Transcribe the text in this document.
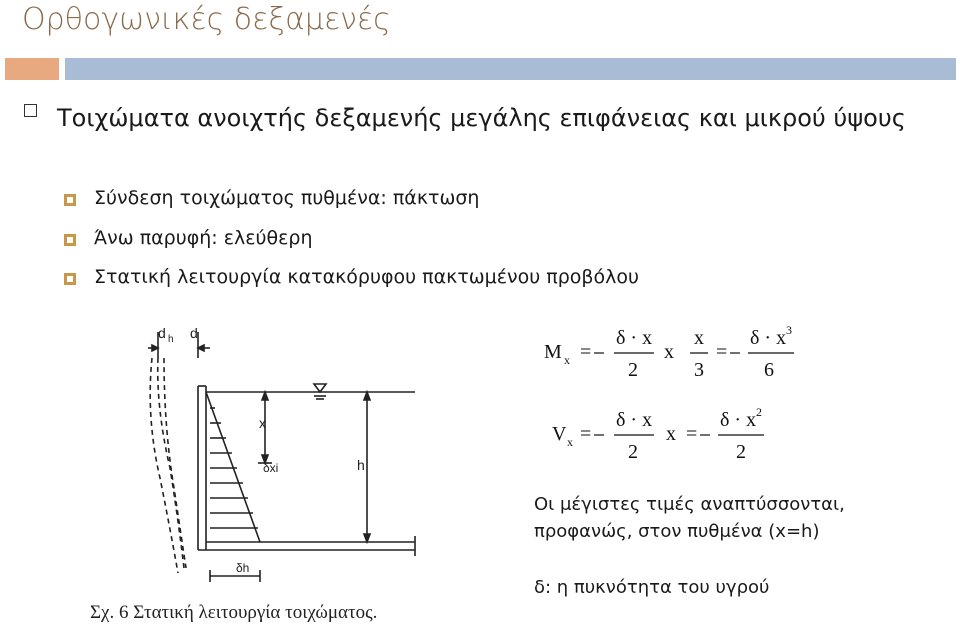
Ορθογωνικές δεξαμενές
Τοιχώματα ανοιχτής δεξαμενής μεγάλης επιφάνειας και μικρού ύψους
Σύνδεση τοιχώματος πυθμένα: πάκτωση
Άνω παρυφή: ελεύθερη
Στατική λειτουργία κατακόρυφου πακτωμένου προβόλου
d h d
x
δxi	h
δh
Σχ. 6 Στατική λειτουργία τοιχώματος.
M x =
δ · x
2
x
x
3
=
δ · x 3
6
V x =
δ · x
2
x =
δ · x 2
2
Οι μέγιστες τιμές αναπτύσσονται,
προφανώς, στον πυθμένα (x=h)
δ: η πυκνότητα του υγρού
